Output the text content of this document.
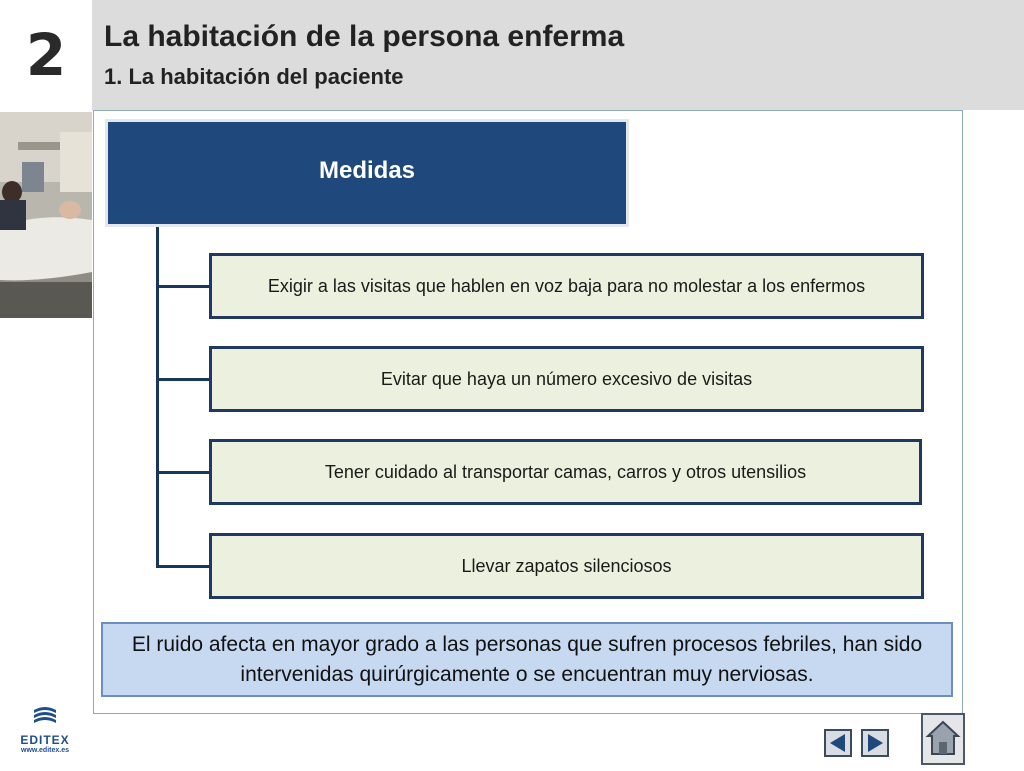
2	La habitación de la persona enferma
1. La habitación del paciente
Medidas
Exigir a las visitas que hablen en voz baja para no molestar a los enfermos
Evitar que haya un número excesivo de visitas
Tener cuidado al transportar camas, carros y otros utensilios
Llevar zapatos silenciosos
El ruido afecta en mayor grado a las personas que sufren procesos febriles, han sido intervenidas quirúrgicamente o se encuentran muy nerviosas.
EDITEX
www.editex.es
